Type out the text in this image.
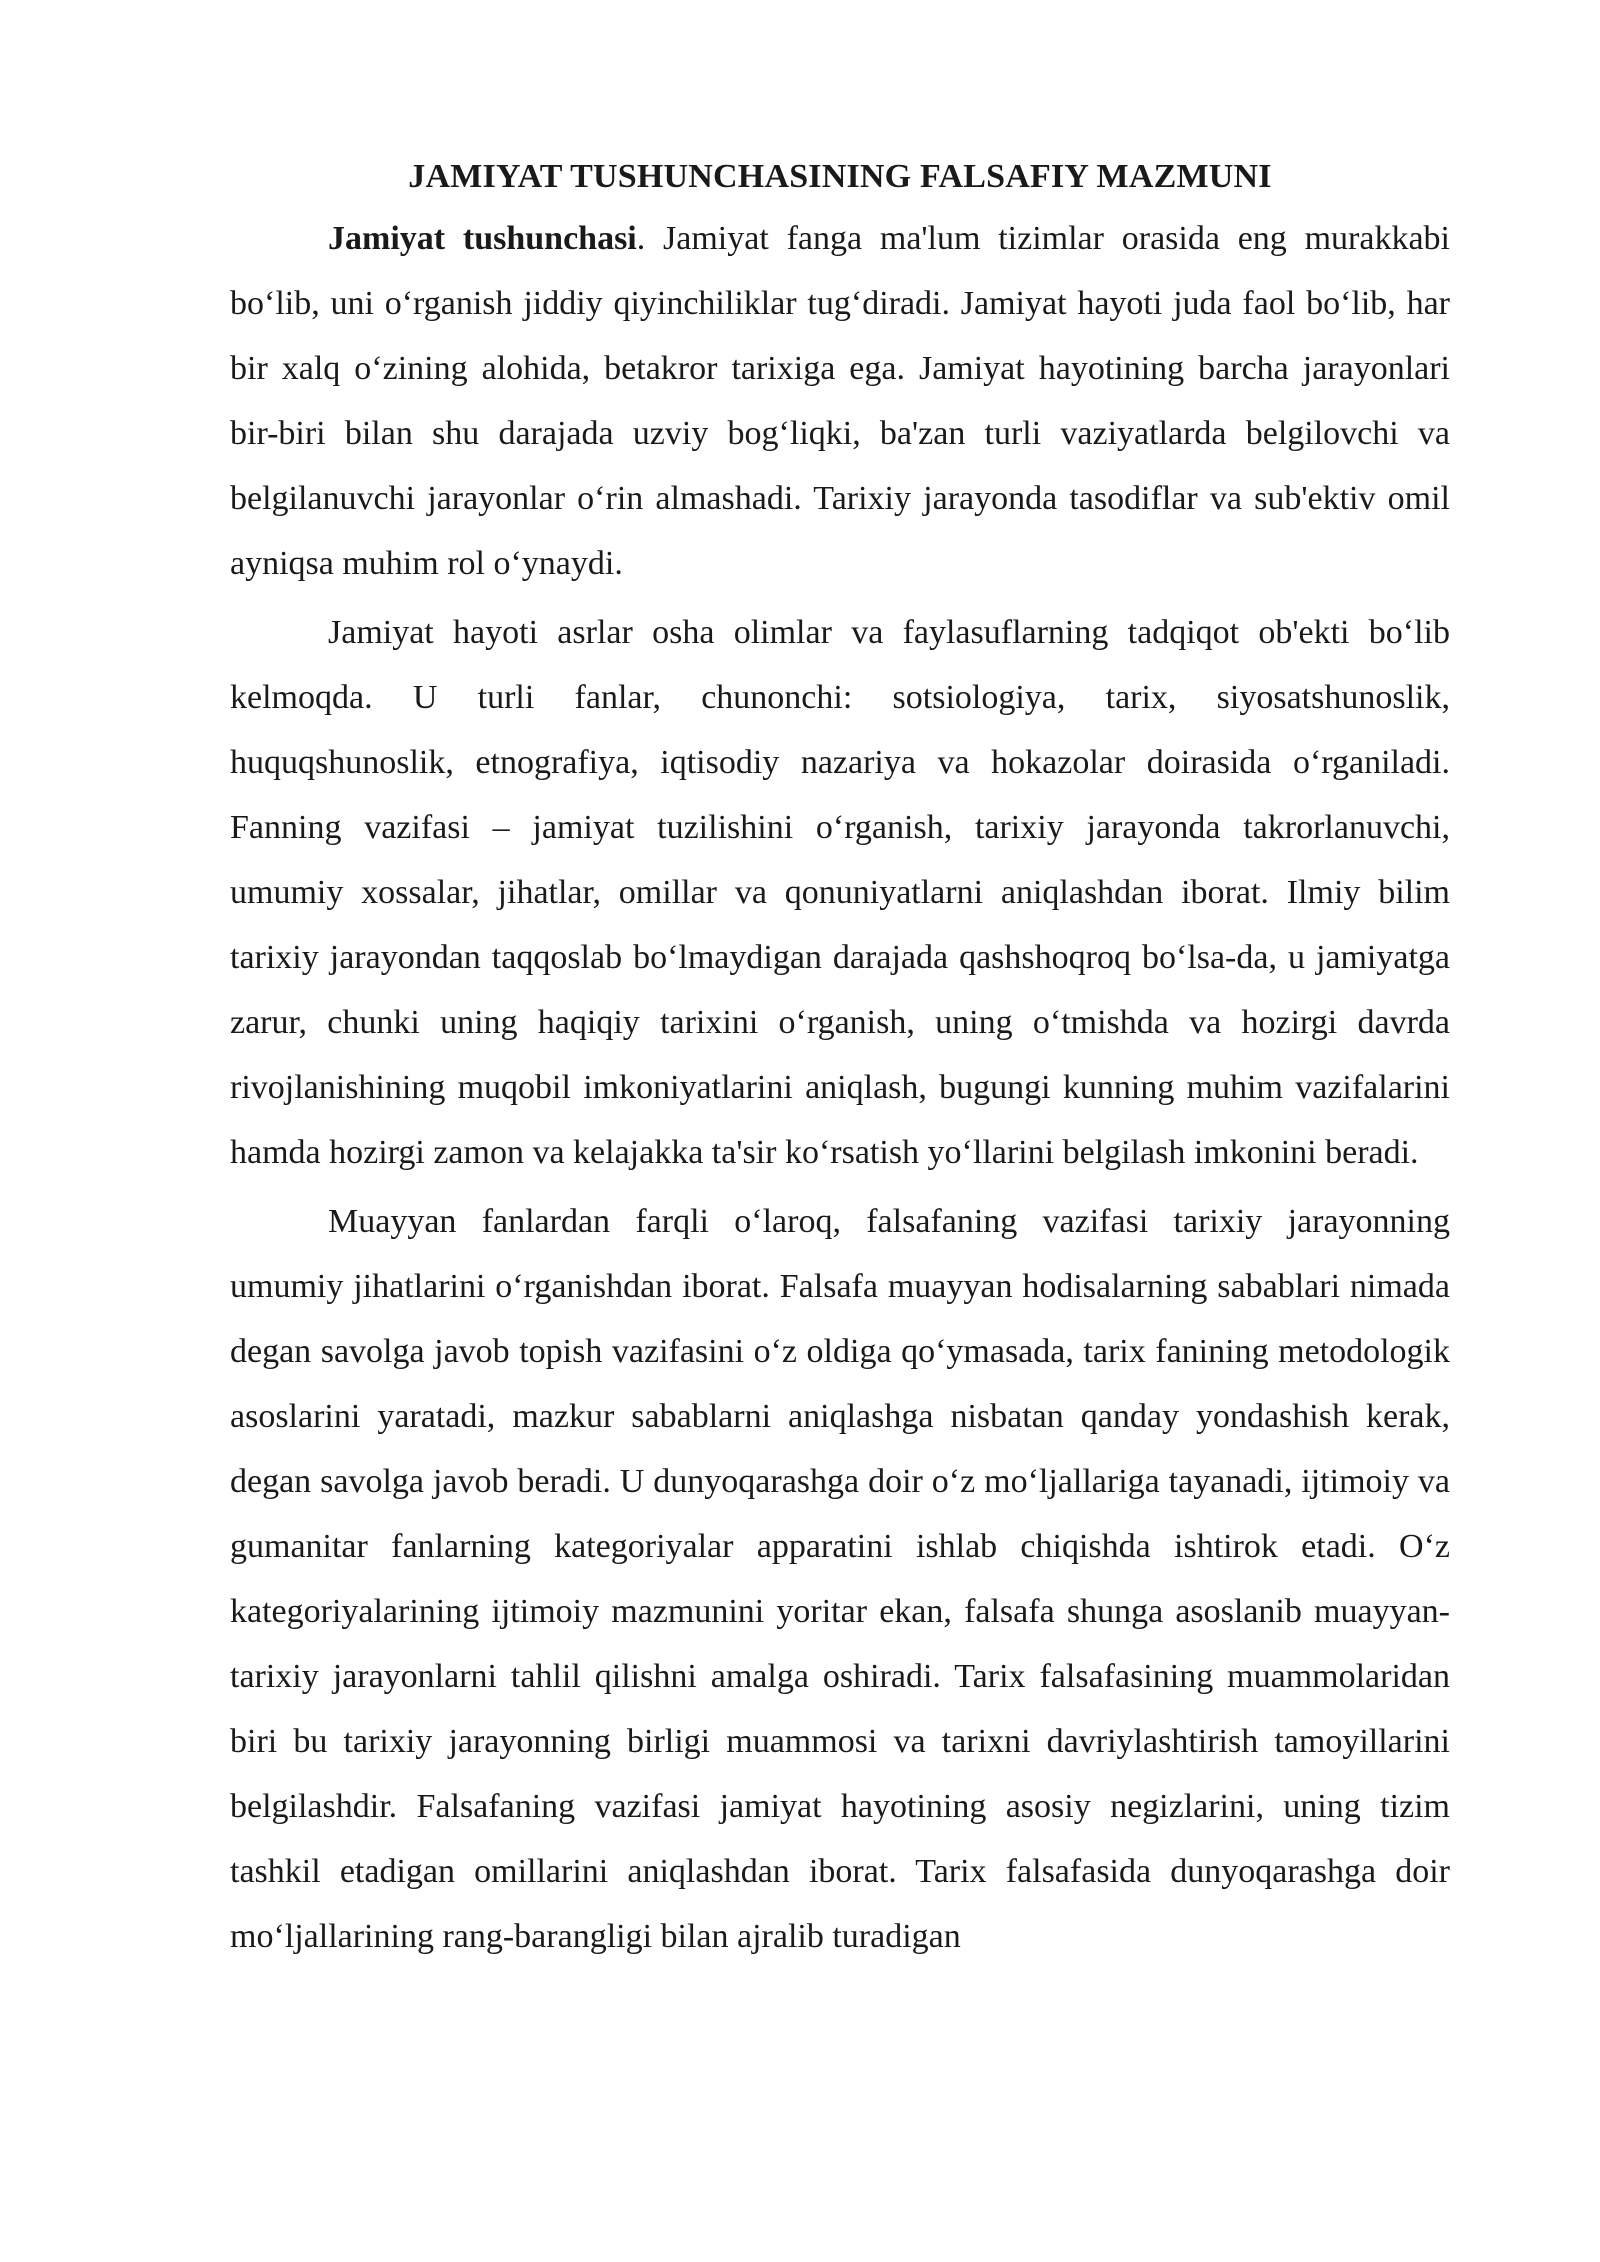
JAMIYAT TUSHUNCHASINING FALSAFIY MAZMUNI

Jamiyat tushunchasi. Jamiyat fanga ma'lum tizimlar orasida eng murakkabi bo‘lib, uni o‘rganish jiddiy qiyinchiliklar tug‘diradi. Jamiyat hayoti juda faol bo‘lib, har bir xalq o‘zining alohida, betakror tarixiga ega. Jamiyat hayotining barcha jarayonlari bir-biri bilan shu darajada uzviy bog‘liqki, ba'zan turli vaziyatlarda belgilovchi va belgilanuvchi jarayonlar o‘rin almashadi. Tarixiy jarayonda tasodiflar va sub'ektiv omil ayniqsa muhim rol o‘ynaydi.

Jamiyat hayoti asrlar osha olimlar va faylasuflarning tadqiqot ob'ekti bo‘lib kelmoqda. U turli fanlar, chunonchi: sotsiologiya, tarix, siyosatshunoslik, huquqshunoslik, etnografiya, iqtisodiy nazariya va hokazolar doirasida o‘rganiladi. Fanning vazifasi – jamiyat tuzilishini o‘rganish, tarixiy jarayonda takrorlanuvchi, umumiy xossalar, jihatlar, omillar va qonuniyatlarni aniqlashdan iborat. Ilmiy bilim tarixiy jarayondan taqqoslab bo‘lmaydigan darajada qashshoqroq bo‘lsa-da, u jamiyatga zarur, chunki uning haqiqiy tarixini o‘rganish, uning o‘tmishda va hozirgi davrda rivojlanishining muqobil imkoniyatlarini aniqlash, bugungi kunning muhim vazifalarini hamda hozirgi zamon va kelajakka ta'sir ko‘rsatish yo‘llarini belgilash imkonini beradi.

Muayyan fanlardan farqli o‘laroq, falsafaning vazifasi tarixiy jarayonning umumiy jihatlarini o‘rganishdan iborat. Falsafa muayyan hodisalarning sabablari nimada degan savolga javob topish vazifasini o‘z oldiga qo‘ymasada, tarix fanining metodologik asoslarini yaratadi, mazkur sabablarni aniqlashga nisbatan qanday yondashish kerak, degan savolga javob beradi. U dunyoqarashga doir o‘z mo‘ljallariga tayanadi, ijtimoiy va gumanitar fanlarning kategoriyalar apparatini ishlab chiqishda ishtirok etadi. O‘z kategoriyalarining ijtimoiy mazmunini yoritar ekan, falsafa shunga asoslanib muayyan-tarixiy jarayonlarni tahlil qilishni amalga oshiradi. Tarix falsafasining muammolaridan biri bu tarixiy jarayonning birligi muammosi va tarixni davriylashtirish tamoyillarini belgilashdir. Falsafaning vazifasi jamiyat hayotining asosiy negizlarini, uning tizim tashkil etadigan omillarini aniqlashdan iborat. Tarix falsafasida dunyoqarashga doir mo‘ljallarining rang-barangligi bilan ajralib turadigan
